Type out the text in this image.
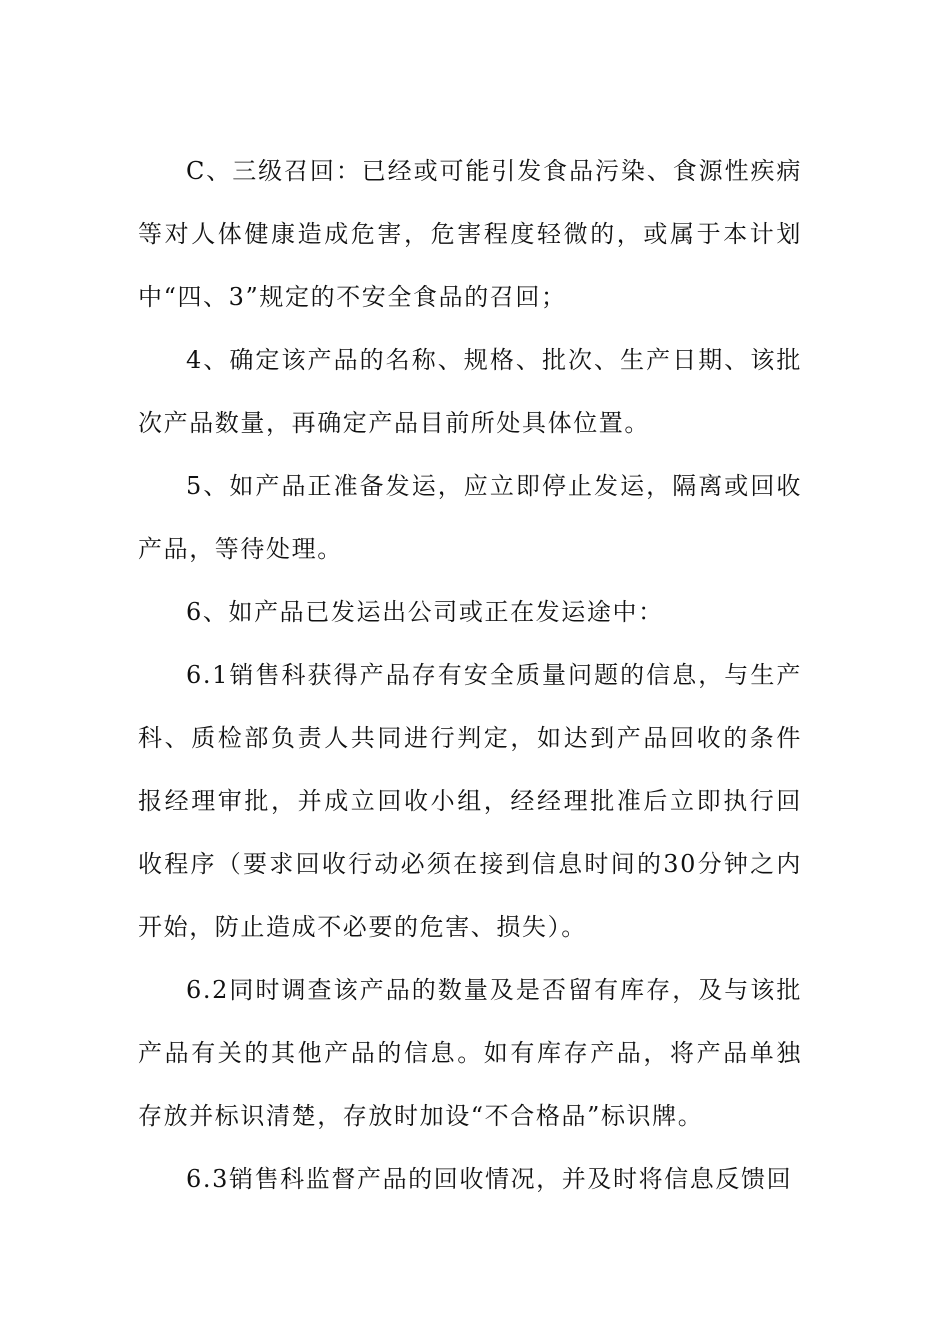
C、三级召回：已经或可能引发食品污染、食源性疾病等对人体健康造成危害，危害程度轻微的，或属于本计划中“四、3”规定的不安全食品的召回；

4、确定该产品的名称、规格、批次、生产日期、该批次产品数量，再确定产品目前所处具体位置。

5、如产品正准备发运，应立即停止发运，隔离或回收产品，等待处理。

6、如产品已发运出公司或正在发运途中：

6.1销售科获得产品存有安全质量问题的信息，与生产科、质检部负责人共同进行判定，如达到产品回收的条件报经理审批，并成立回收小组，经经理批准后立即执行回收程序（要求回收行动必须在接到信息时间的30分钟之内开始，防止造成不必要的危害、损失）。

6.2同时调查该产品的数量及是否留有库存，及与该批产品有关的其他产品的信息。如有库存产品，将产品单独存放并标识清楚，存放时加设“不合格品”标识牌。

6.3销售科监督产品的回收情况，并及时将信息反馈回
